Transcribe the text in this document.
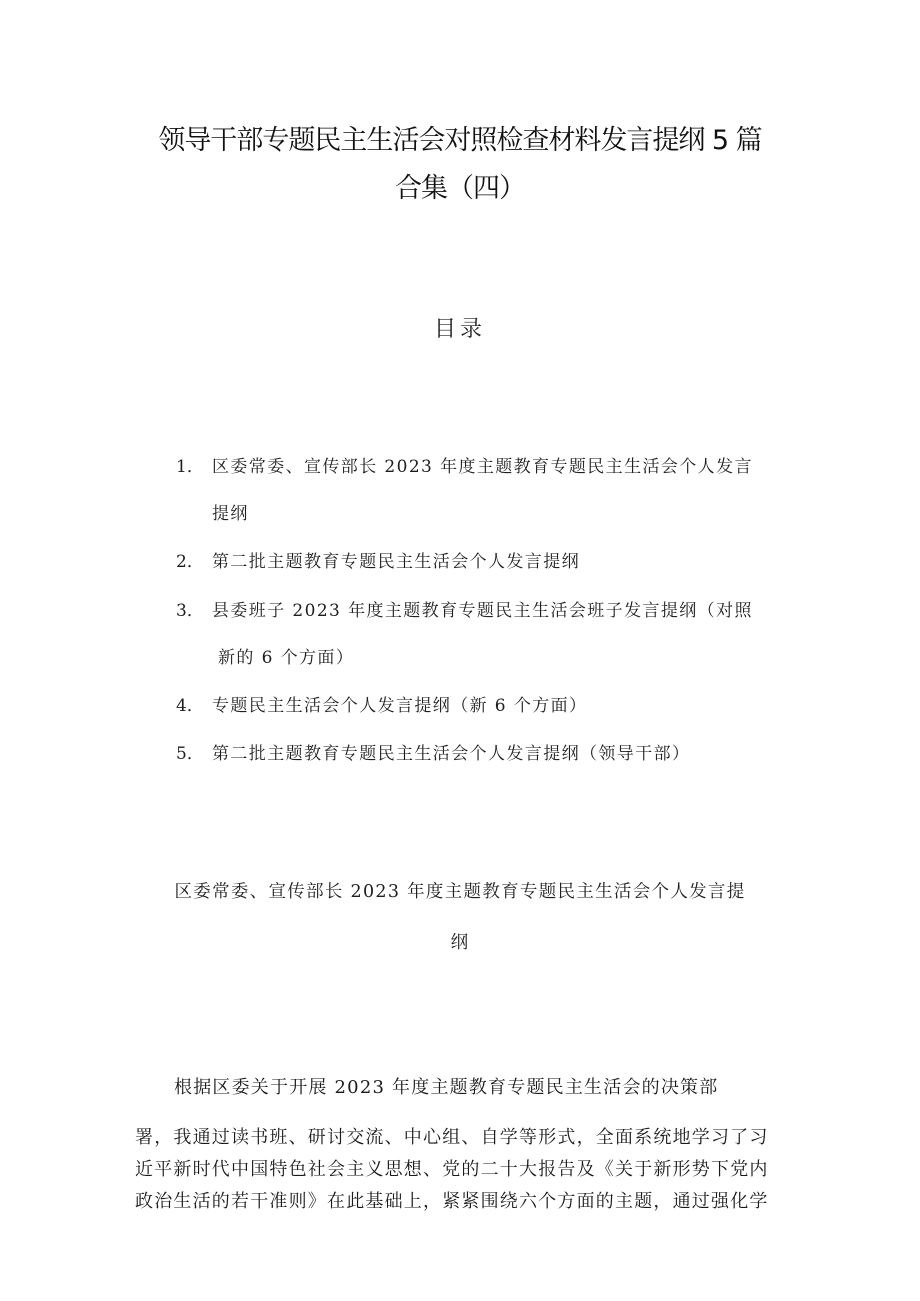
领导干部专题民主生活会对照检查材料发言提纲 5 篇
合集（四）
目录
1． 区委常委、宣传部长 2023 年度主题教育专题民主生活会个人发言
提纲
2． 第二批主题教育专题民主生活会个人发言提纲
3． 县委班子 2023 年度主题教育专题民主生活会班子发言提纲（对照
新的 6 个方面）
4． 专题民主生活会个人发言提纲（新 6 个方面）
5． 第二批主题教育专题民主生活会个人发言提纲（领导干部）
区委常委、宣传部长 2023 年度主题教育专题民主生活会个人发言提
纲
根据区委关于开展 2023 年度主题教育专题民主生活会的决策部
署，我通过读书班、研讨交流、中心组、自学等形式，全面系统地学习了习
近平新时代中国特色社会主义思想、党的二十大报告及《关于新形势下党内
政治生活的若干准则》在此基础上，紧紧围绕六个方面的主题，通过强化学
